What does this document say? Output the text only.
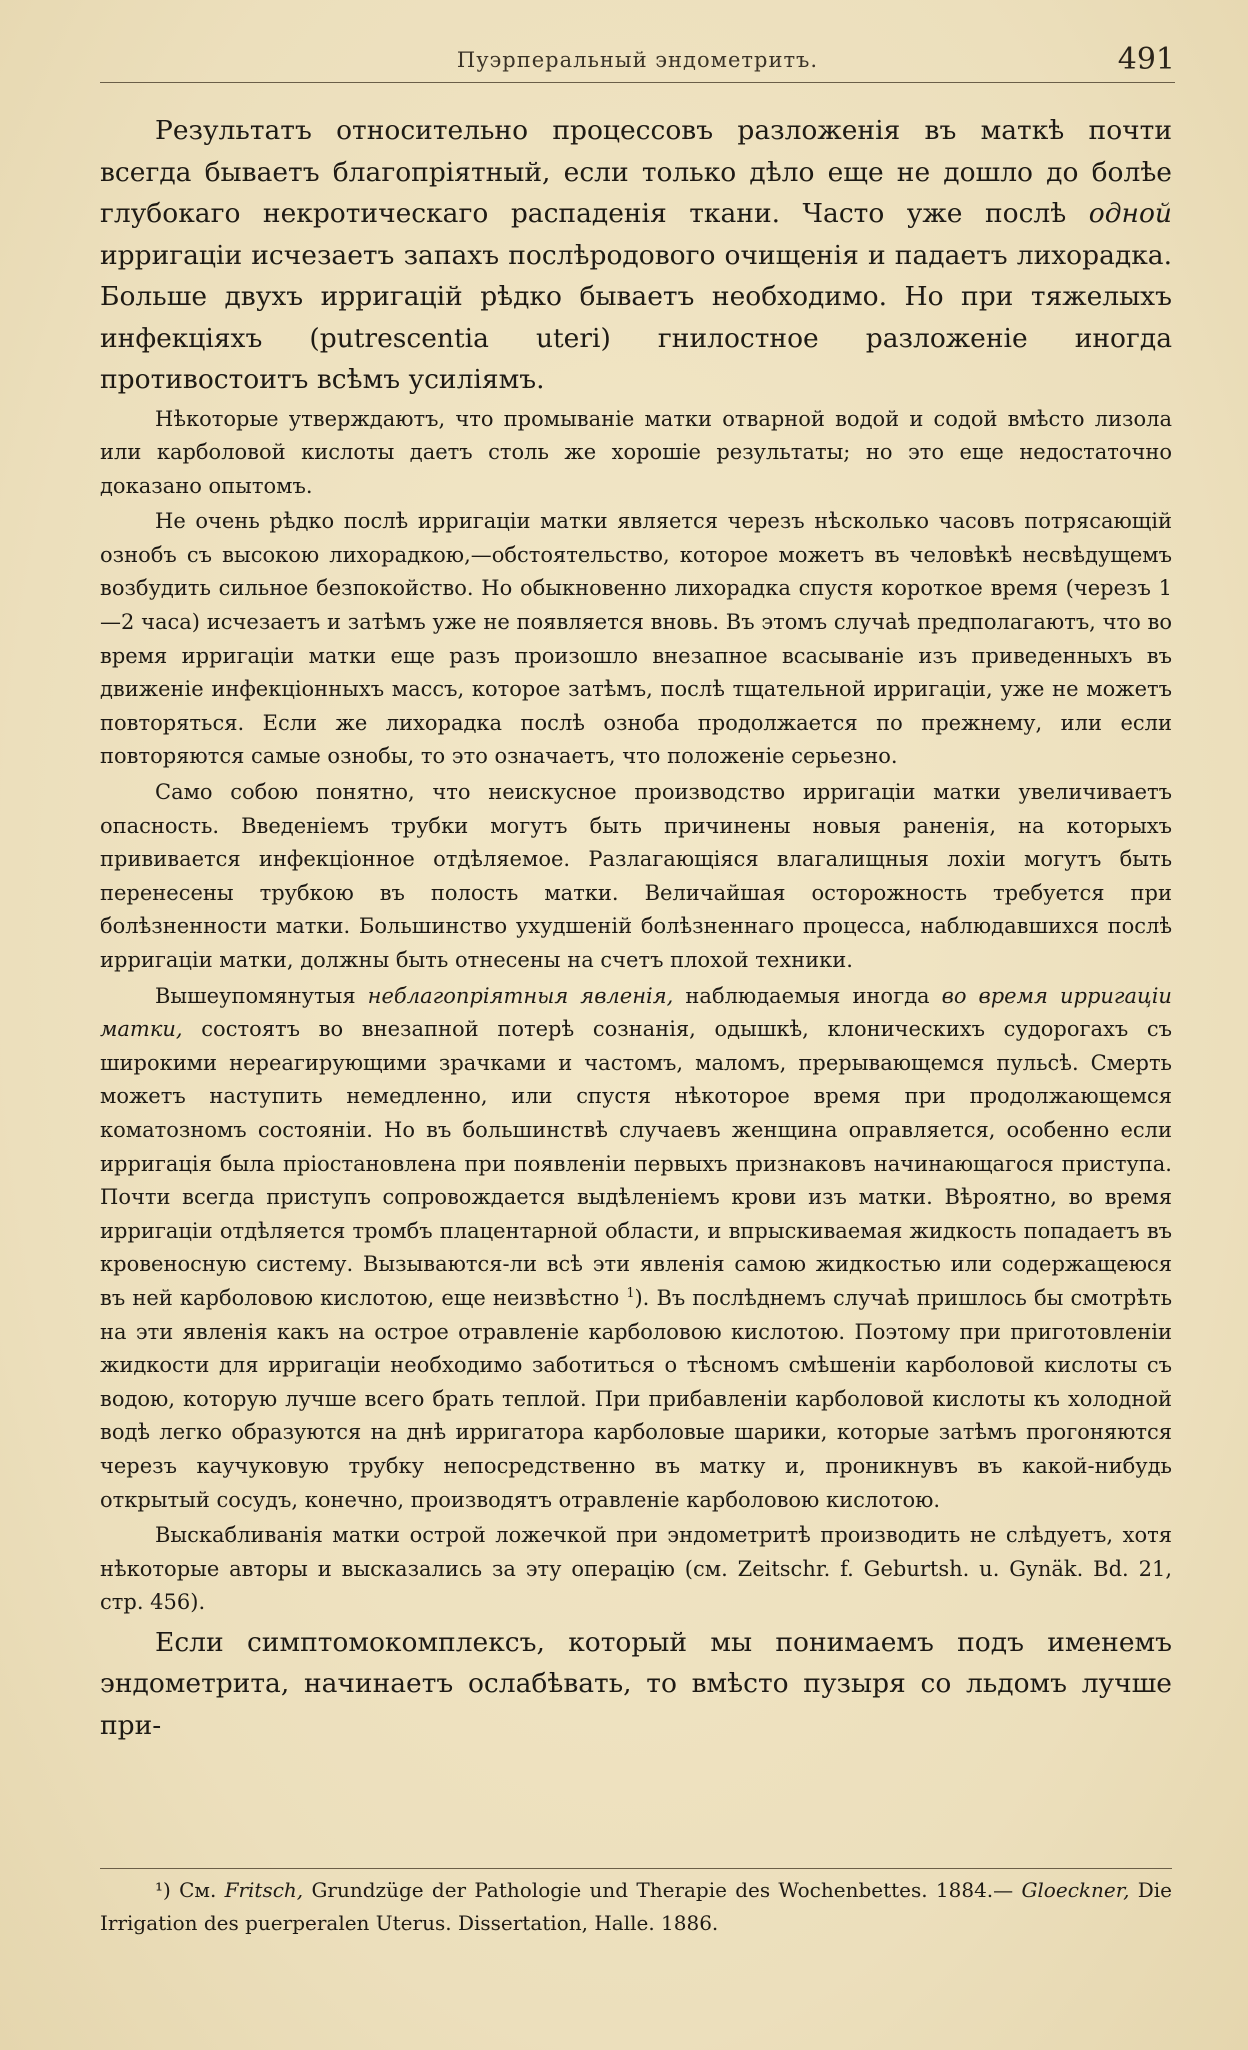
Пуэрперальный эндометритъ.	491

Результатъ относительно процессовъ разложенія въ маткѣ почти всегда бываетъ благопріятный, если только дѣло еще не дошло до болѣе глубокаго некротическаго распаденія ткани. Часто уже послѣ одной ирригаціи исчезаетъ запахъ послѣродового очищенія и падаетъ лихорадка. Больше двухъ ирригацій рѣдко бываетъ необходимо. Но при тяжелыхъ инфекціяхъ (putrescentia uteri) гнилостное разложеніе иногда противостоитъ всѣмъ усиліямъ.

Нѣкоторые утверждаютъ, что промываніе матки отварной водой и содой вмѣсто лизола или карболовой кислоты даетъ столь же хорошіе результаты; но это еще недостаточно доказано опытомъ.

Не очень рѣдко послѣ ирригаціи матки является черезъ нѣсколько часовъ потрясающій ознобъ съ высокою лихорадкою,—обстоятельство, которое можетъ въ человѣкѣ несвѣдущемъ возбудить сильное безпокойство. Но обыкновенно лихорадка спустя короткое время (черезъ 1—2 часа) исчезаетъ и затѣмъ уже не появляется вновь. Въ этомъ случаѣ предполагаютъ, что во время ирригаціи матки еще разъ произошло внезапное всасываніе изъ приведенныхъ въ движеніе инфекціонныхъ массъ, которое затѣмъ, послѣ тщательной ирригаціи, уже не можетъ повторяться. Если же лихорадка послѣ озноба продолжается по прежнему, или если повторяются самые ознобы, то это означаетъ, что положеніе серьезно.

Само собою понятно, что неискусное производство ирригаціи матки увеличиваетъ опасность. Введеніемъ трубки могутъ быть причинены новыя раненія, на которыхъ прививается инфекціонное отдѣляемое. Разлагающіяся влагалищныя лохіи могутъ быть перенесены трубкою въ полость матки. Величайшая осторожность требуется при болѣзненности матки. Большинство ухудшеній болѣзненнаго процесса, наблюдавшихся послѣ ирригаціи матки, должны быть отнесены на счетъ плохой техники.

Вышеупомянутыя неблагопріятныя явленія, наблюдаемыя иногда во время ирригаціи матки, состоятъ во внезапной потерѣ сознанія, одышкѣ, клоническихъ судорогахъ съ широкими нереагирующими зрачками и частомъ, маломъ, прерывающемся пульсѣ. Смерть можетъ наступить немедленно, или спустя нѣкоторое время при продолжающемся коматозномъ состояніи. Но въ большинствѣ случаевъ женщина оправляется, особенно если ирригація была пріостановлена при появленіи первыхъ признаковъ начинающагося приступа. Почти всегда приступъ сопровождается выдѣленіемъ крови изъ матки. Вѣроятно, во время ирригаціи отдѣляется тромбъ плацентарной области, и впрыскиваемая жидкость попадаетъ въ кровеносную систему. Вызываются-ли всѣ эти явленія самою жидкостью или содержащеюся въ ней карболовою кислотою, еще неизвѣстно $^1$). Въ послѣднемъ случаѣ пришлось бы смотрѣть на эти явленія какъ на острое отравленіе карболовою кислотою. Поэтому при приготовленіи жидкости для ирригаціи необходимо заботиться о тѣсномъ смѣшеніи карболовой кислоты съ водою, которую лучше всего брать теплой. При прибавленіи карболовой кислоты къ холодной водѣ легко образуются на днѣ ирригатора карболовые шарики, которые затѣмъ прогоняются черезъ каучуковую трубку непосредственно въ матку и, проникнувъ въ какой-нибудь открытый сосудъ, конечно, производятъ отравленіе карболовою кислотою.

Выскабливанія матки острой ложечкой при эндометритѣ производить не слѣдуетъ, хотя нѣкоторые авторы и высказались за эту операцію (см. Zeitschr. f. Geburtsh. u. Gynäk. Bd. 21, стр. 456).

Если симптомокомплексъ, который мы понимаемъ подъ именемъ эндометрита, начинаетъ ослабѣвать, то вмѣсто пузыря со льдомъ лучше при-

¹) См. Fritsch, Grundzüge der Pathologie und Therapie des Wochenbettes. 1884.— Gloeckner, Die Irrigation des puerperalen Uterus. Dissertation, Halle. 1886.
